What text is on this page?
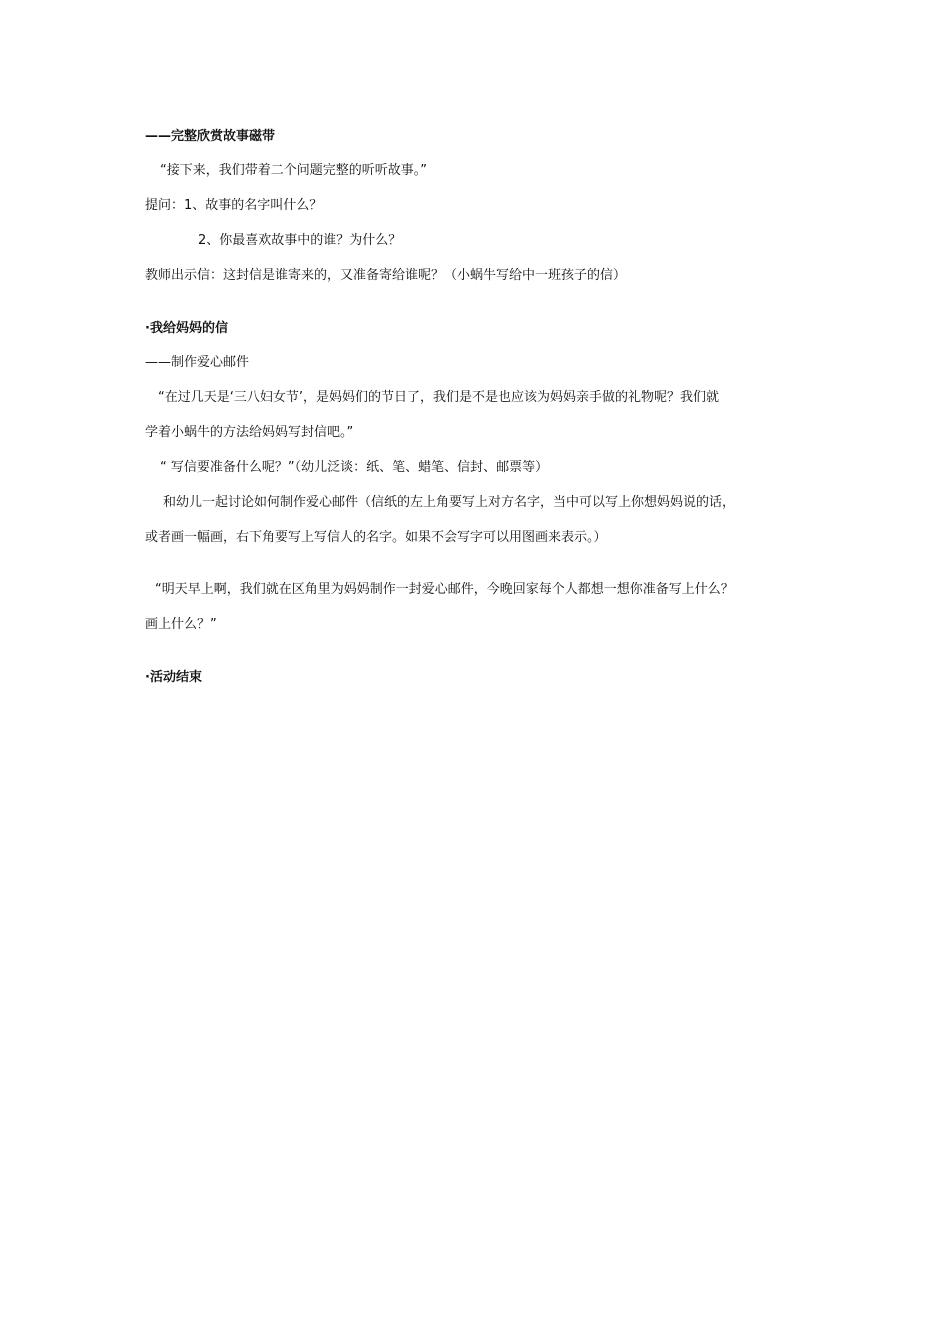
——完整欣赏故事磁带
“接下来，我们带着二个问题完整的听听故事。”
提问：1、故事的名字叫什么？
2、你最喜欢故事中的谁？为什么？
教师出示信：这封信是谁寄来的，又准备寄给谁呢？（小蜗牛写给中一班孩子的信）
·我给妈妈的信
——制作爱心邮件
“在过几天是‘三八妇女节’，是妈妈们的节日了，我们是不是也应该为妈妈亲手做的礼物呢？我们就
学着小蜗牛的方法给妈妈写封信吧。”
“ 写信要准备什么呢？”（幼儿泛谈：纸、笔、蜡笔、信封、邮票等）
和幼儿一起讨论如何制作爱心邮件（信纸的左上角要写上对方名字，当中可以写上你想妈妈说的话，
或者画一幅画，右下角要写上写信人的名字。如果不会写字可以用图画来表示。）
“明天早上啊，我们就在区角里为妈妈制作一封爱心邮件，今晚回家每个人都想一想你准备写上什么？
画上什么？”
·活动结束
